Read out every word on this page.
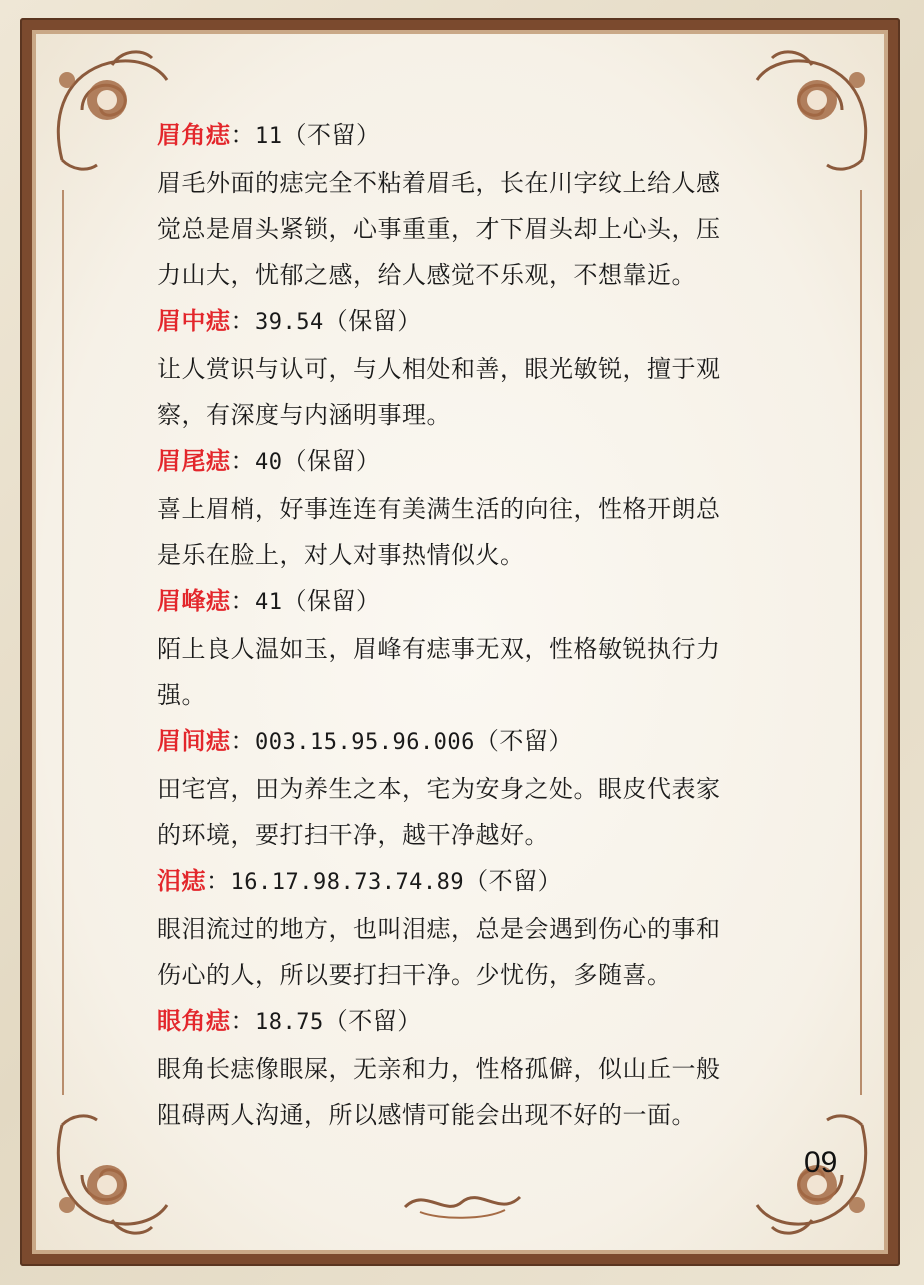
眉角痣：11（不留）

眉毛外面的痣完全不粘着眉毛，长在川字纹上给人感
觉总是眉头紧锁，心事重重，才下眉头却上心头，压
力山大，忧郁之感，给人感觉不乐观，不想靠近。

眉中痣：39.54（保留）

让人赏识与认可，与人相处和善，眼光敏锐，擅于观
察，有深度与内涵明事理。

眉尾痣：40（保留）

喜上眉梢，好事连连有美满生活的向往，性格开朗总
是乐在脸上，对人对事热情似火。

眉峰痣：41（保留）

陌上良人温如玉，眉峰有痣事无双，性格敏锐执行力
强。

眉间痣：003.15.95.96.006（不留）

田宅宫，田为养生之本，宅为安身之处。眼皮代表家
的环境，要打扫干净，越干净越好。

泪痣：16.17.98.73.74.89（不留）

眼泪流过的地方，也叫泪痣，总是会遇到伤心的事和
伤心的人，所以要打扫干净。少忧伤，多随喜。

眼角痣：18.75（不留）

眼角长痣像眼屎，无亲和力，性格孤僻，似山丘一般
阻碍两人沟通，所以感情可能会出现不好的一面。

09
